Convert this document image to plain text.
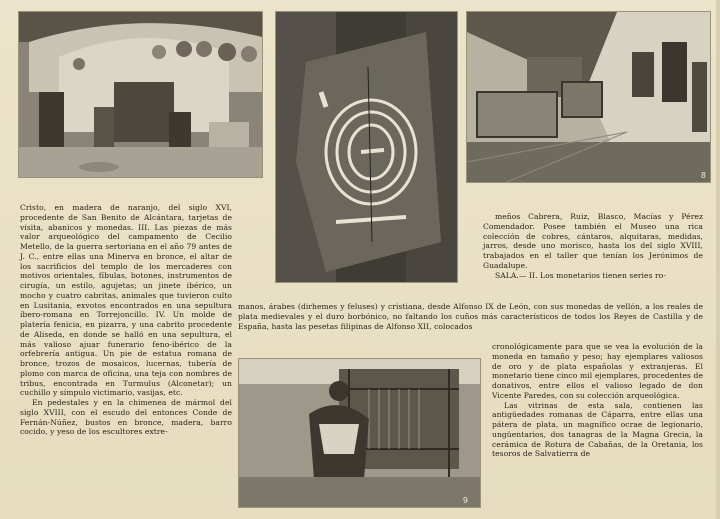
8
9

Cristo, en madera de naranjo, del siglo XVI, procedente de San Benito de Alcántara, tarjetas de visita, abanicos y monedas. III. Las piezas de más valor arqueológico del campamento de Cecilio Metello, de la guerra sertoriana en el año 79 antes de J. C., entre ellas una Minerva en bronce, el altar de los sacrificios del templo de los mercaderes con motivos orientales, fíbulas, botones, instrumentos de cirugía, un estilo, agujetas; un jinete ibérico, un mocho y cuatro cabritas, animales que tuvieron culto en Lusitania, exvotos encontrados en una sepultura íbero-romana en Torrejoncillo. IV. Un molde de platería fenicia, en pizarra, y una cabrito procedente de Aliseda, en donde se halló en una sepultura, el más valioso ajuar funerario feno-ibérico de la orfebrería antigua. Un pie de estatua romana de bronce, trozos de mosaicos, lucernas, tubería de plomo con marca de oficina, una teja con nombres de tribus, encontrada en Turmulus (Alconetar); un cuchillo y símpulo victimario, vasijas, etc.

En pedestales y en la chimenea de mármol del siglo XVIII, con el escudo del entonces Conde de Fernán-Núñez, bustos en bronce, madera, barro cocido, y yeso de los escultores extre-

meños Cabrera, Ruiz, Blasco, Macías y Pérez Comendador. Posee también el Museo una rica colección de cobres, cántaros, alquitaras, medidas, jarros, desde uno morisco, hasta los del siglo XVIII, trabajados en el taller que tenían los Jerónimos de Guadalupe.

SALA.— II. Los monetarios tienen series ro-

manos, árabes (dirhemes y feluses) y cristiana, desde Alfonso IX de León, con sus monedas de vellón, a los reales de plata medievales y el duro borbónico, no faltando los cuños más característicos de todos los Reyes de Castilla y de España, hasta las pesetas filipinas de Alfonso XII, colocados

cronológicamente para que se vea la evolución de la moneda en tamaño y peso; hay ejemplares valiosos de oro y de plata españolas y extranjeras. El monetario tiene cinco mil ejemplares, procedentes de donativos, entre ellos el valioso legado de don Vicente Paredes, con su colección arqueológica.

Las vitrinas de esta sala, contienen las antigüedades romanas de Cáparra, entre ellas una pátera de plata, un magnífico ocrae de legionario, ungüentarios, dos tanagras de la Magna Grecia, la cerámica de Rotura de Cabañas, de la Oretania, los tesoros de Salvatierra de
